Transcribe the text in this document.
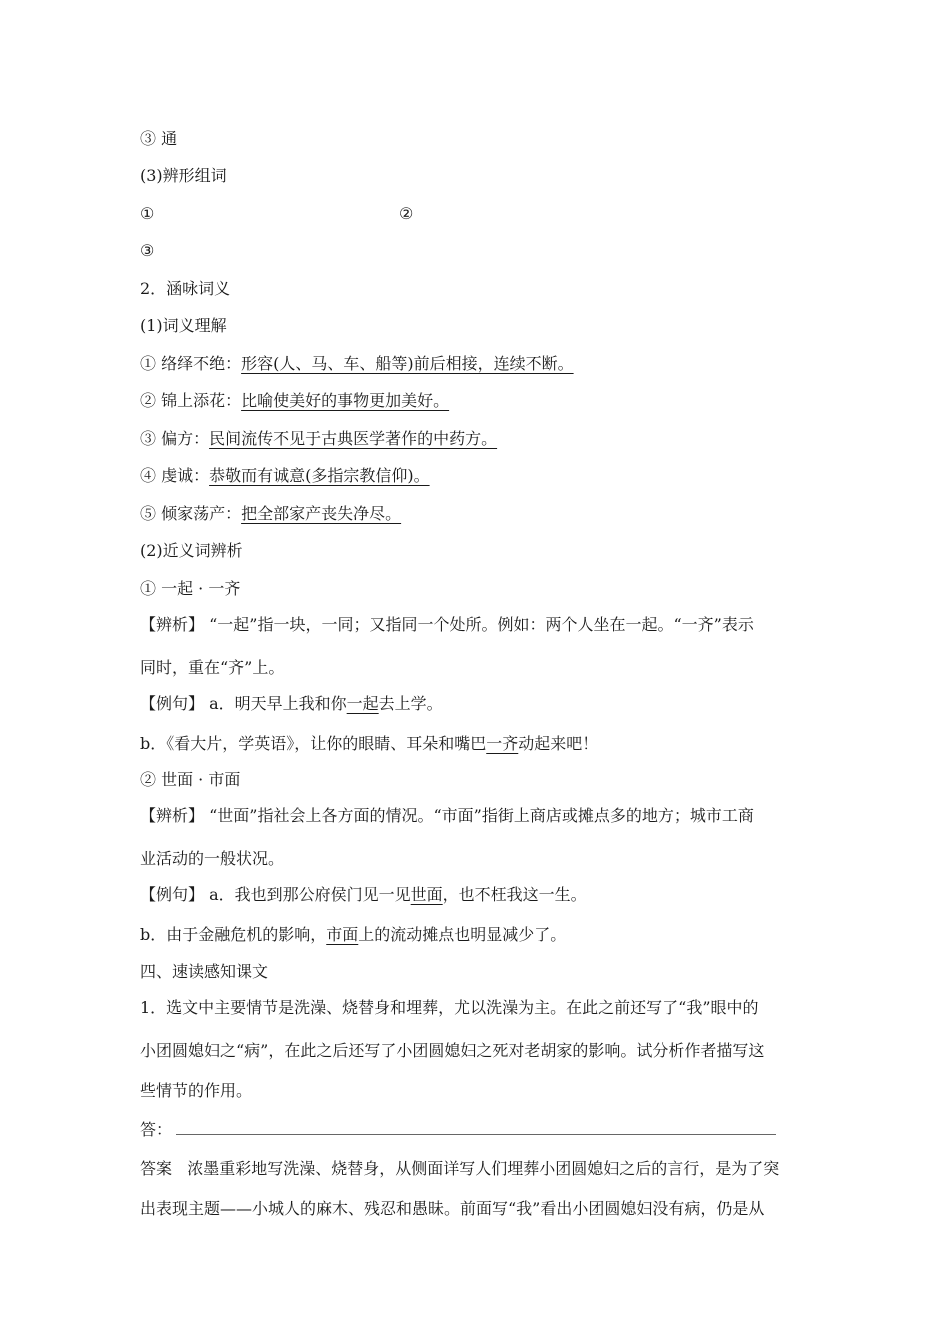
③ 通
(3)辨形组词
①	②
③
2．涵咏词义
(1)词义理解
① 络绎不绝：形容(人、马、车、船等)前后相接，连续不断。
② 锦上添花：比喻使美好的事物更加美好。
③ 偏方：民间流传不见于古典医学著作的中药方。
④ 虔诚：恭敬而有诚意(多指宗教信仰)。
⑤ 倾家荡产：把全部家产丧失净尽。
(2)近义词辨析
① 一起 · 一齐
【辨析】 “一起”指一块，一同；又指同一个处所。例如：两个人坐在一起。“一齐”表示
同时，重在“齐”上。
【例句】 a．明天早上我和你一起去上学。
b．《看大片，学英语》，让你的眼睛、耳朵和嘴巴一齐动起来吧！
② 世面 · 市面
【辨析】 “世面”指社会上各方面的情况。“市面”指街上商店或摊点多的地方；城市工商
业活动的一般状况。
【例句】 a．我也到那公府侯门见一见世面，也不枉我这一生。
b．由于金融危机的影响，市面上的流动摊点也明显减少了。
四、速读感知课文
1．选文中主要情节是洗澡、烧替身和埋葬，尤以洗澡为主。在此之前还写了“我”眼中的
小团圆媳妇之“病”，在此之后还写了小团圆媳妇之死对老胡家的影响。试分析作者描写这
些情节的作用。
答：
答案 浓墨重彩地写洗澡、烧替身，从侧面详写人们埋葬小团圆媳妇之后的言行，是为了突
出表现主题——小城人的麻木、残忍和愚昧。前面写“我”看出小团圆媳妇没有病，仍是从
